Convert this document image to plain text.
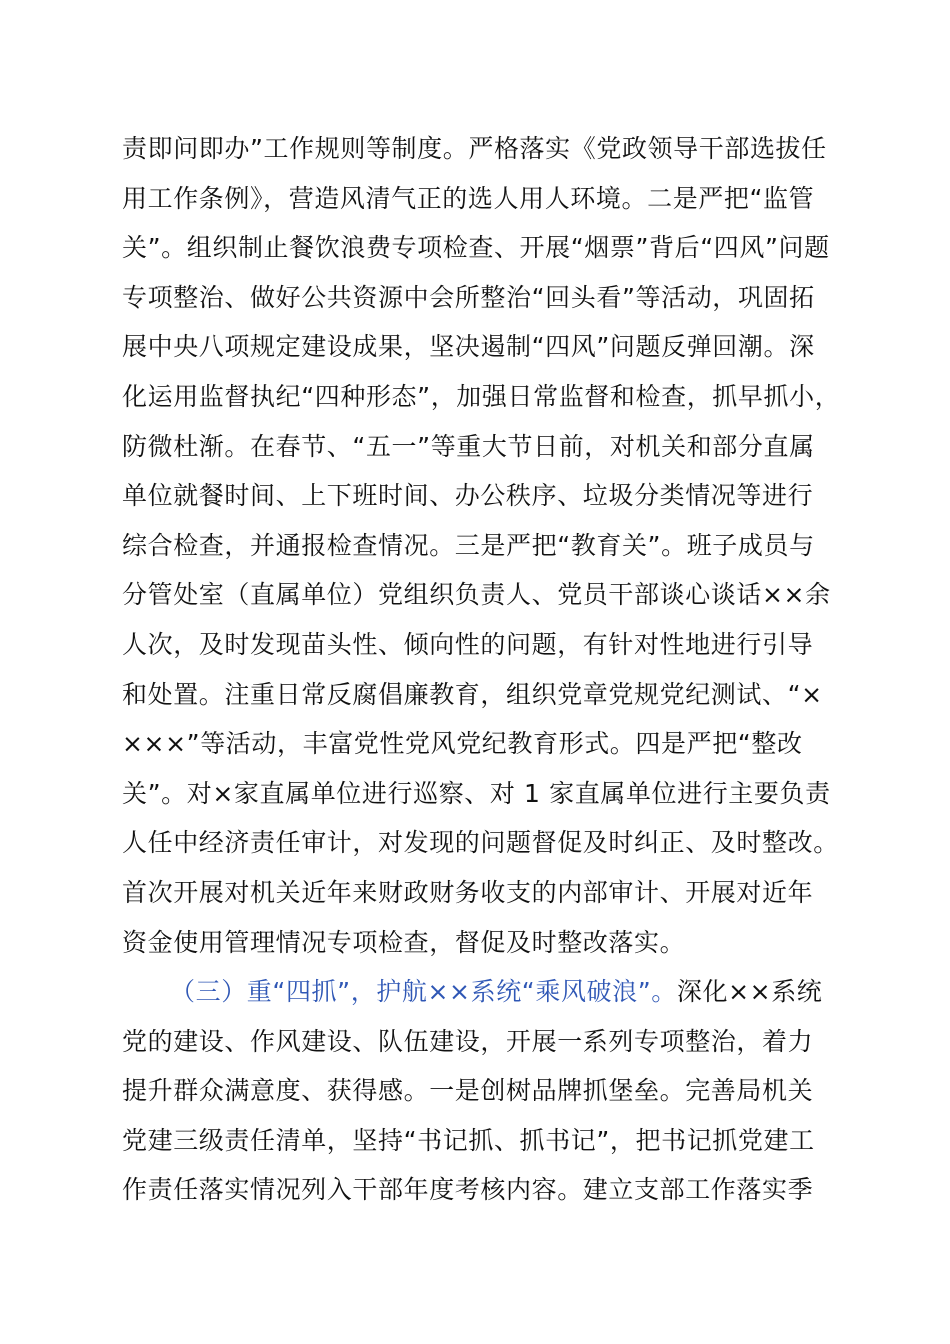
责即问即办”工作规则等制度。严格落实《党政领导干部选拔任
用工作条例》，营造风清气正的选人用人环境。二是严把“监管
关”。组织制止餐饮浪费专项检查、开展“烟票”背后“四风”问题
专项整治、做好公共资源中会所整治“回头看”等活动，巩固拓
展中央八项规定建设成果，坚决遏制“四风”问题反弹回潮。深
化运用监督执纪“四种形态”，加强日常监督和检查，抓早抓小，
防微杜渐。在春节、“五一”等重大节日前，对机关和部分直属
单位就餐时间、上下班时间、办公秩序、垃圾分类情况等进行
综合检查，并通报检查情况。三是严把“教育关”。班子成员与
分管处室（直属单位）党组织负责人、党员干部谈心谈话××余
人次，及时发现苗头性、倾向性的问题，有针对性地进行引导
和处置。注重日常反腐倡廉教育，组织党章党规党纪测试、“×
×××”等活动，丰富党性党风党纪教育形式。四是严把“整改
关”。对×家直属单位进行巡察、对 1 家直属单位进行主要负责
人任中经济责任审计，对发现的问题督促及时纠正、及时整改。
首次开展对机关近年来财政财务收支的内部审计、开展对近年
资金使用管理情况专项检查，督促及时整改落实。
（三）重“四抓”，护航××系统“乘风破浪”。深化××系统
党的建设、作风建设、队伍建设，开展一系列专项整治，着力
提升群众满意度、获得感。一是创树品牌抓堡垒。完善局机关
党建三级责任清单，坚持“书记抓、抓书记”，把书记抓党建工
作责任落实情况列入干部年度考核内容。建立支部工作落实季
